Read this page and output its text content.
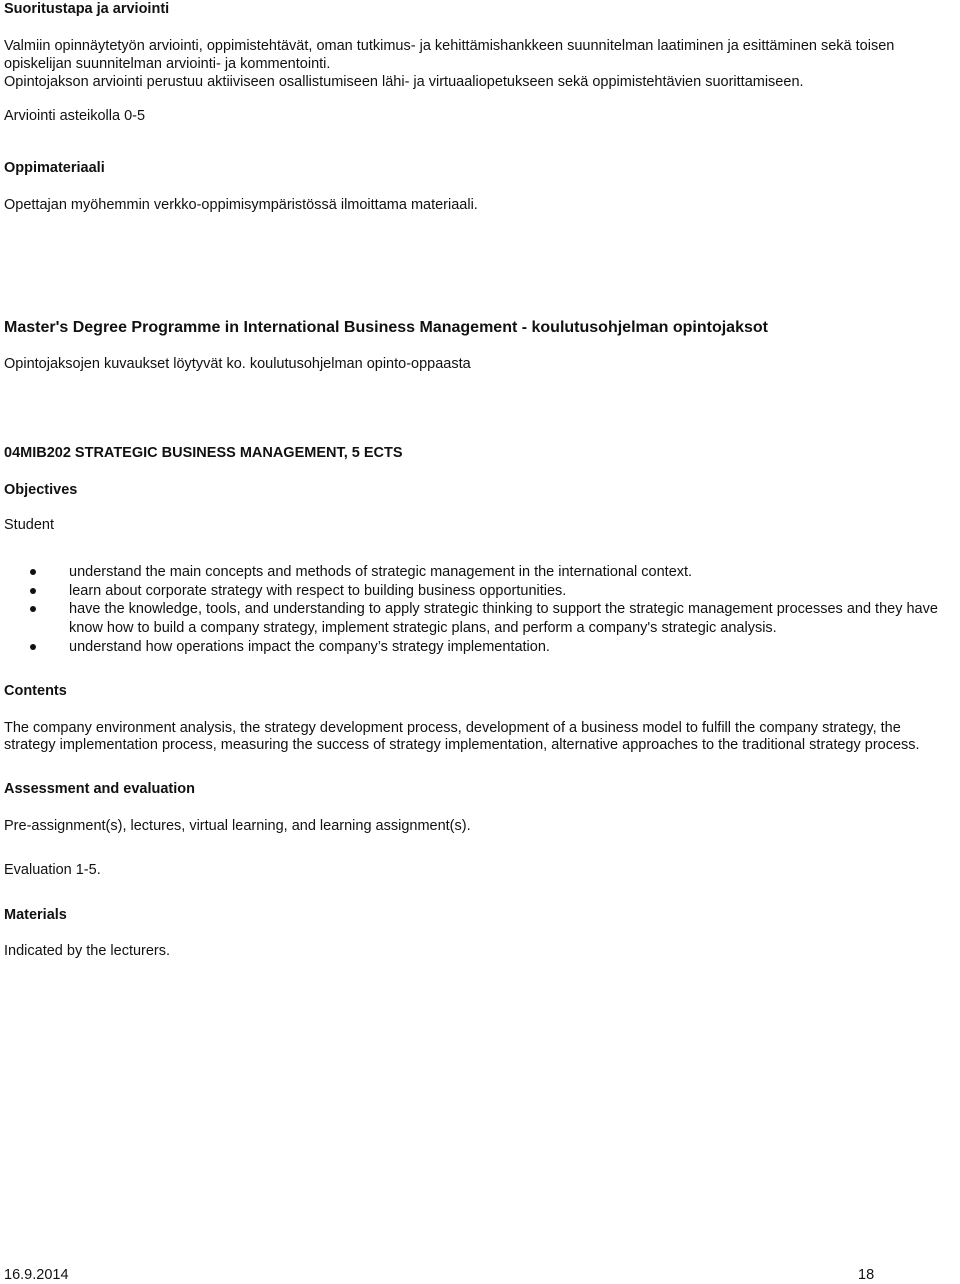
Suoritustapa ja arviointi
Valmiin opinnäytetyön arviointi, oppimistehtävät, oman tutkimus- ja kehittämishankkeen suunnitelman laatiminen ja esittäminen sekä toisen
opiskelijan suunnitelman arviointi- ja kommentointi.
Opintojakson arviointi perustuu aktiiviseen osallistumiseen lähi- ja virtuaaliopetukseen sekä oppimistehtävien suorittamiseen.
Arviointi asteikolla 0-5
Oppimateriaali
Opettajan myöhemmin verkko-oppimisympäristössä ilmoittama materiaali.
Master's Degree Programme in International Business Management - koulutusohjelman opintojaksot
Opintojaksojen kuvaukset löytyvät ko. koulutusohjelman opinto-oppaasta
04MIB202 STRATEGIC BUSINESS MANAGEMENT, 5 ECTS
Objectives
Student
understand the main concepts and methods of strategic management in the international context.
learn about corporate strategy with respect to building business opportunities.
have the knowledge, tools, and understanding to apply strategic thinking to support the strategic management processes and they have
know how to build a company strategy, implement strategic plans, and perform a company's strategic analysis.
understand how operations impact the company’s strategy implementation.
Contents
The company environment analysis, the strategy development process, development of a business model to fulfill the company strategy, the
strategy implementation process, measuring the success of strategy implementation, alternative approaches to the traditional strategy process.
Assessment and evaluation
Pre-assignment(s), lectures, virtual learning, and learning assignment(s).
Evaluation 1-5.
Materials
Indicated by the lecturers.
16.9.2014	18
